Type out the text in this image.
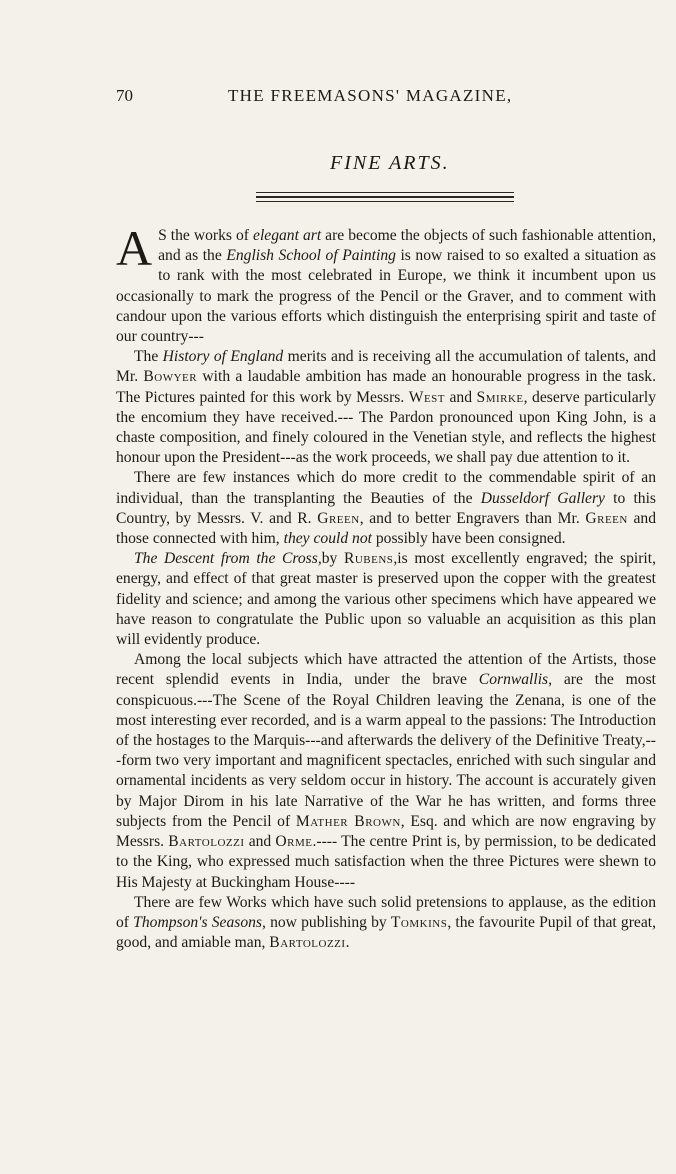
70	THE FREEMASONS' MAGAZINE,
FINE ARTS.

A S the works of elegant art are become the objects of such fashionable attention, and as the English School of Painting is now raised to so exalted a situation as to rank with the most celebrated in Europe, we think it incumbent upon us occasionally to mark the progress of the Pencil or the Graver, and to comment with candour upon the various efforts which distinguish the enterprising spirit and taste of our country---

The History of England merits and is receiving all the accumulation of talents, and Mr. Bowyer with a laudable ambition has made an honourable progress in the task. The Pictures painted for this work by Messrs. West and Smirke, deserve particularly the encomium they have received.--- The Pardon pronounced upon King John, is a chaste composition, and finely coloured in the Venetian style, and reflects the highest honour upon the President---as the work proceeds, we shall pay due attention to it.

There are few instances which do more credit to the commendable spirit of an individual, than the transplanting the Beauties of the Dusseldorf Gallery to this Country, by Messrs. V. and R. Green, and to better Engravers than Mr. Green and those connected with him, they could not possibly have been consigned.

The Descent from the Cross,by Rubens,is most excellently engraved; the spirit, energy, and effect of that great master is preserved upon the copper with the greatest fidelity and science; and among the various other specimens which have appeared we have reason to congratulate the Public upon so valuable an acquisition as this plan will evidently produce.

Among the local subjects which have attracted the attention of the Artists, those recent splendid events in India, under the brave Cornwallis, are the most conspicuous.---The Scene of the Royal Children leaving the Zenana, is one of the most interesting ever recorded, and is a warm appeal to the passions: The Introduction of the hostages to the Marquis---and afterwards the delivery of the Definitive Treaty,---form two very important and magnificent spectacles, enriched with such singular and ornamental incidents as very seldom occur in history. The account is accurately given by Major Dirom in his late Narrative of the War he has written, and forms three subjects from the Pencil of Mather Brown, Esq. and which are now engraving by Messrs. Bartolozzi and Orme.---- The centre Print is, by permission, to be dedicated to the King, who expressed much satisfaction when the three Pictures were shewn to His Majesty at Buckingham House----

There are few Works which have such solid pretensions to applause, as the edition of Thompson's Seasons, now publishing by Tomkins, the favourite Pupil of that great, good, and amiable man, Bartolozzi.
